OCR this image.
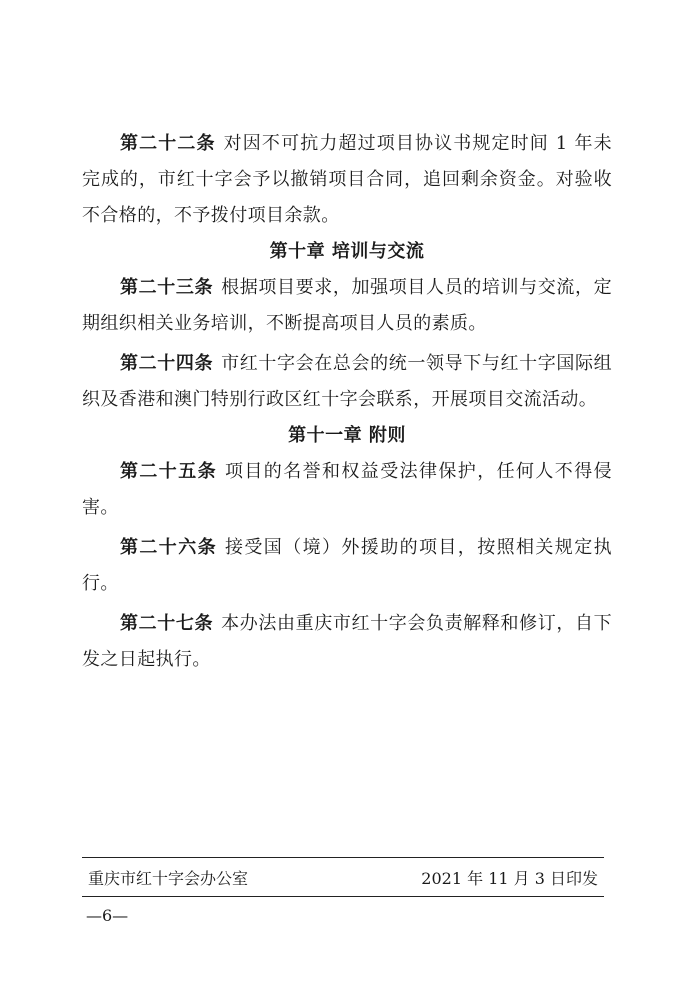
第二十二条 对因不可抗力超过项目协议书规定时间 1 年未完成的，市红十字会予以撤销项目合同，追回剩余资金。对验收不合格的，不予拨付项目余款。

第十章 培训与交流

第二十三条 根据项目要求，加强项目人员的培训与交流，定期组织相关业务培训，不断提高项目人员的素质。

第二十四条 市红十字会在总会的统一领导下与红十字国际组织及香港和澳门特别行政区红十字会联系，开展项目交流活动。

第十一章 附则

第二十五条 项目的名誉和权益受法律保护，任何人不得侵害。

第二十六条 接受国（境）外援助的项目，按照相关规定执行。

第二十七条 本办法由重庆市红十字会负责解释和修订，自下发之日起执行。

重庆市红十字会办公室	2021 年 11 月 3 日印发
—6—
